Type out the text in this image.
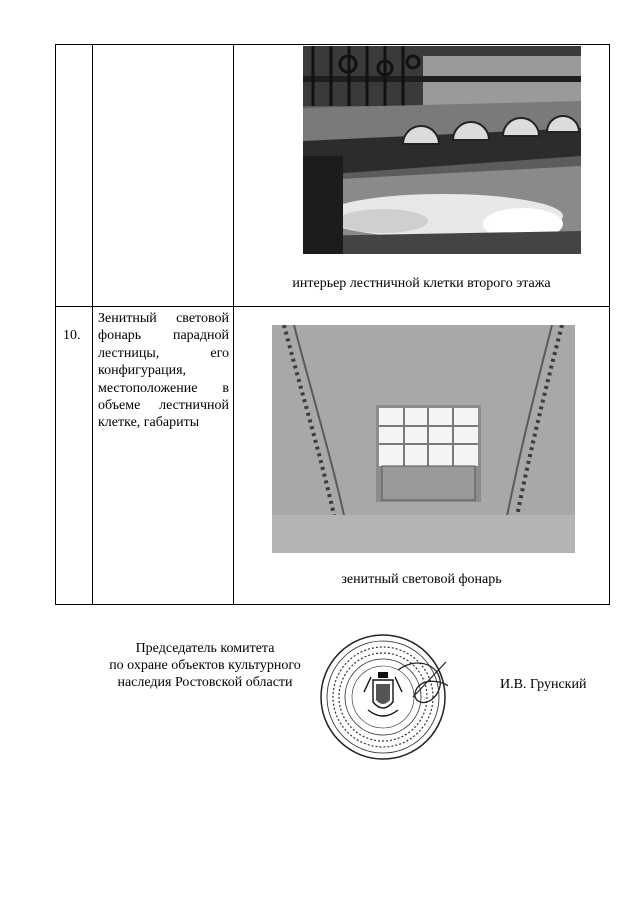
интерьер лестничной клетки второго этажа
10.
Зенитный световой
фонарь парадной
лестницы, его
конфигурация,
местоположение в
объеме лестничной
клетке, габариты
зенитный световой фонарь
Председатель комитета
по охране объектов культурного
наследия Ростовской области	И.В. Грунский
